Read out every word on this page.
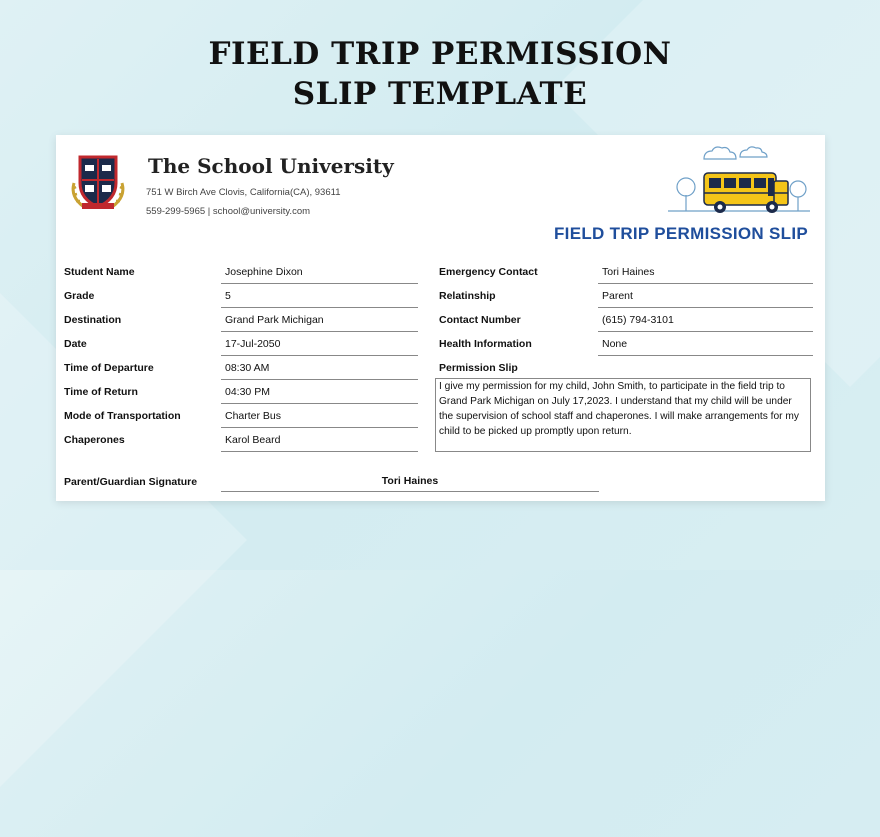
FIELD TRIP PERMISSION
SLIP TEMPLATE
The School University
751 W Birch Ave Clovis, California(CA), 93611
559-299-5965 | school@university.com
FIELD TRIP PERMISSION SLIP
Student Name	Josephine Dixon
Grade	5
Destination	Grand Park Michigan
Date	17-Jul-2050
Time of Departure	08:30 AM
Time of Return	04:30 PM
Mode of Transportation	Charter Bus
Chaperones	Karol Beard
Emergency Contact	Tori Haines
Relatinship	Parent
Contact Number	(615) 794-3101
Health Information	None
Permission Slip
I give my permission for my child, John Smith, to participate in the field trip to Grand Park Michigan on July 17,2023. I understand that my child will be under the supervision of school staff and chaperones. I will make arrangements for my child to be picked up promptly upon return.
Parent/Guardian Signature	Tori Haines
